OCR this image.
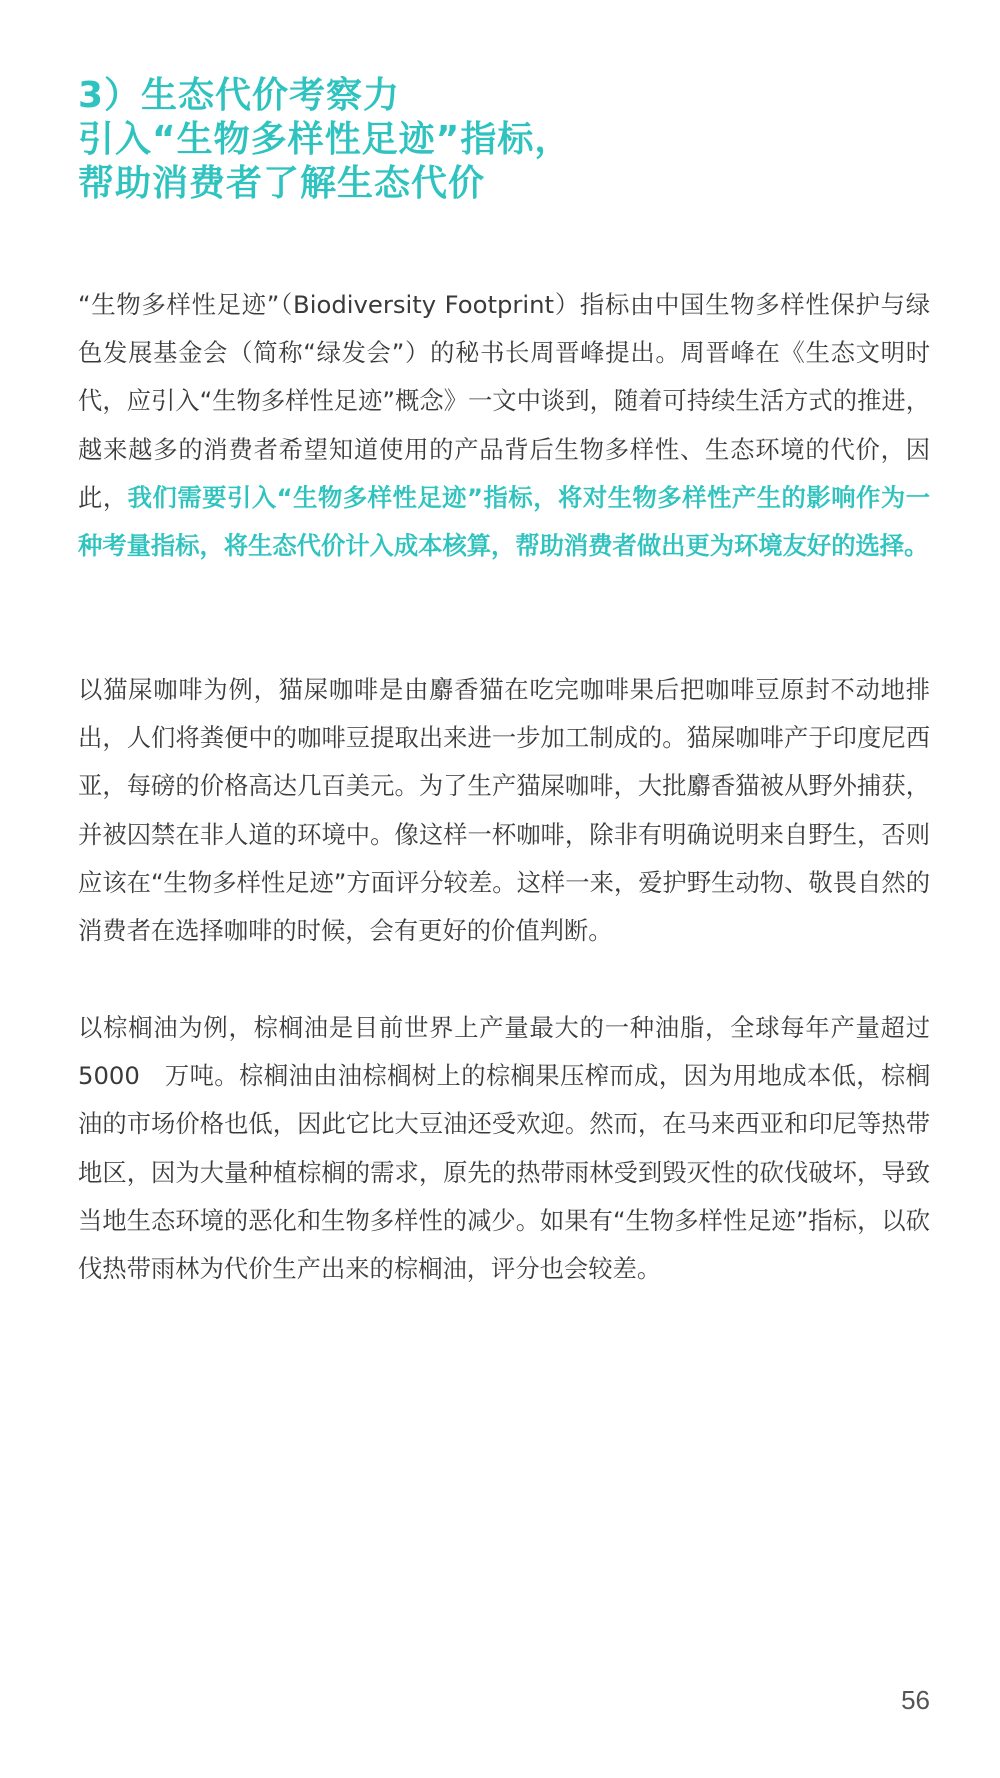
3）生态代价考察力
引入“生物多样性足迹”指标，
帮助消费者了解生态代价

“生物多样性足迹”（Biodiversity Footprint）指标由中国生物多样性保护与绿色发展基金会（简称“绿发会”）的秘书长周晋峰提出。周晋峰在《生态文明时代，应引入“生物多样性足迹”概念》一文中谈到，随着可持续生活方式的推进，越来越多的消费者希望知道使用的产品背后生物多样性、生态环境的代价，因此，我们需要引入“生物多样性足迹”指标，将对生物多样性产生的影响作为一种考量指标，将生态代价计入成本核算，帮助消费者做出更为环境友好的选择。

以猫屎咖啡为例，猫屎咖啡是由麝香猫在吃完咖啡果后把咖啡豆原封不动地排出，人们将粪便中的咖啡豆提取出来进一步加工制成的。猫屎咖啡产于印度尼西亚，每磅的价格高达几百美元。为了生产猫屎咖啡，大批麝香猫被从野外捕获，并被囚禁在非人道的环境中。像这样一杯咖啡，除非有明确说明来自野生，否则应该在“生物多样性足迹”方面评分较差。这样一来，爱护野生动物、敬畏自然的消费者在选择咖啡的时候，会有更好的价值判断。

以棕榈油为例，棕榈油是目前世界上产量最大的一种油脂，全球每年产量超过　5000　万吨。棕榈油由油棕榈树上的棕榈果压榨而成，因为用地成本低，棕榈油的市场价格也低，因此它比大豆油还受欢迎。然而，在马来西亚和印尼等热带地区，因为大量种植棕榈的需求，原先的热带雨林受到毁灭性的砍伐破坏，导致当地生态环境的恶化和生物多样性的减少。如果有“生物多样性足迹”指标，以砍伐热带雨林为代价生产出来的棕榈油，评分也会较差。

56
